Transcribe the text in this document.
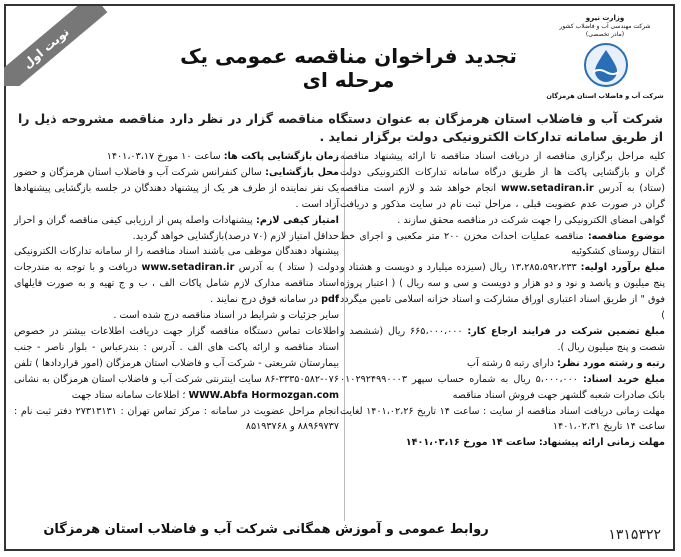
نوبت اول	تجدید فراخوان مناقصه عمومی یک مرحله ای
وزارت نیرو
شرکت مهندسی آب و فاضلاب کشور
(مادر تخصصی)
شرکت آب و فاضلاب استان هرمزگان
شرکت آب و فاضلاب استان هرمزگان به عنوان دستگاه مناقصه گزار در نظر دارد مناقصه مشروحه ذیل را از طریق سامانه تدارکات الکترونیکی دولت برگزار نماید .

کلیه مراحل برگزاری مناقصه از دریافت اسناد مناقصه تا ارائه پیشنهاد مناقصه گران و بازگشایی پاکت ها از طریق درگاه سامانه تدارکات الکترونیکی دولت (ستاد) به آدرس www.setadiran.ir انجام خواهد شد و لازم است مناقصه گران در صورت عدم عضویت قبلی ، مراحل ثبت نام در سایت مذکور و دریافت گواهی امضای الکترونیکی را جهت شرکت در مناقصه محقق سازند .

موضوع مناقصه: مناقصه عملیات احداث مخزن ۲۰۰ متر مکعبی و اجرای خط انتقال روستای کشکوئیه

مبلغ برآورد اولیه: ۱۳،۲۸۵،۵۹۲،۲۳۳ ریال (سیزده میلیارد و دویست و هشتاد و پنج میلیون و پانصد و نود و دو هزار و دویست و سی و سه ریال ) ( اعتبار پروژه فوق " از طریق اسناد اعتباری اوراق مشارکت و اسناد خزانه اسلامی تامین میگردد )

مبلغ تضمین شرکت در فرایند ارجاع کار: ۶۶۵،۰۰۰،۰۰۰ ریال (ششصد و شصت و پنج میلیون ریال ).

رتبه و رشته مورد نظر: دارای رتبه ۵ رشته آب

مبلغ خرید اسناد: ۵،۰۰۰،۰۰۰ ریال به شماره حساب سپهر ۰۱۰۲۹۲۴۹۹۰۰۰۳ بانک صادرات شعبه گلشهر جهت فروش اسناد مناقصه

مهلت زمانی دریافت اسناد مناقصه از سایت : ساعت ۱۴ تاریخ ۱۴۰۱،۰۲،۲۶ لغایت ساعت ۱۴ تاریخ ۱۴۰۱،۰۲،۳۱

مهلت زمانی ارائه پیشنهاد: ساعت ۱۴ مورخ ۱۴۰۱،۰۳،۱۶

زمان بازگشایی پاکت ها: ساعت ۱۰ مورخ ۱۴۰۱،۰۳،۱۷

محل بازگشایی: سالن کنفرانس شرکت آب و فاضلاب استان هرمزگان و حضور یک نفر نماینده از طرف هر یک از پیشنهاد دهندگان در جلسه بازگشایی پیشنهادها آزاد است .

امتیاز کیفی لازم: پیشنهادات واصله پس از ارزیابی کیفی مناقصه گران و احراز حداقل امتیاز لازم (۷۰ درصد)بازگشایی خواهد گردید.

پیشنهاد دهندگان موظف می باشند اسناد مناقصه را از سامانه تدارکات الکترونیکی دولت ( ستاد ) به آدرس www.setadiran.ir دریافت و با توجه به مندرجات اسناد مناقصه مدارک لازم شامل پاکات الف ، ب و ج تهیه و به صورت فایلهای pdf در سامانه فوق درج نمایند .

سایر جزئیات و شرایط در اسناد مناقصه درج شده است .

اطلاعات تماس دستگاه مناقصه گزار جهت دریافت اطلاعات بیشتر در خصوص اسناد مناقصه و ارائه پاکت های الف . آدرس : بندرعباس - بلوار ناصر - جنب بیمارستان شریعتی - شرکت آب و فاضلاب استان هرمزگان (امور قراردادها ) تلفن ۰۷۶-۳۳۳۵۰۵۸۲-۸۶ سایت اینترنتی شرکت آب و فاضلاب استان هرمزگان به نشانی WWW.Abfa Hormozgan.com ؛ اطلاعات سامانه ستاد جهت

انجام مراحل عضویت در سامانه : مرکز تماس تهران : ۲۷۳۱۳۱۳۱ دفتر ثبت نام : ۸۸۹۶۹۷۳۷ و ۸۵۱۹۳۷۶۸

روابط عمومی و آموزش همگانی شرکت آب و فاضلاب استان هرمزگان	۱۳۱۵۳۲۲
